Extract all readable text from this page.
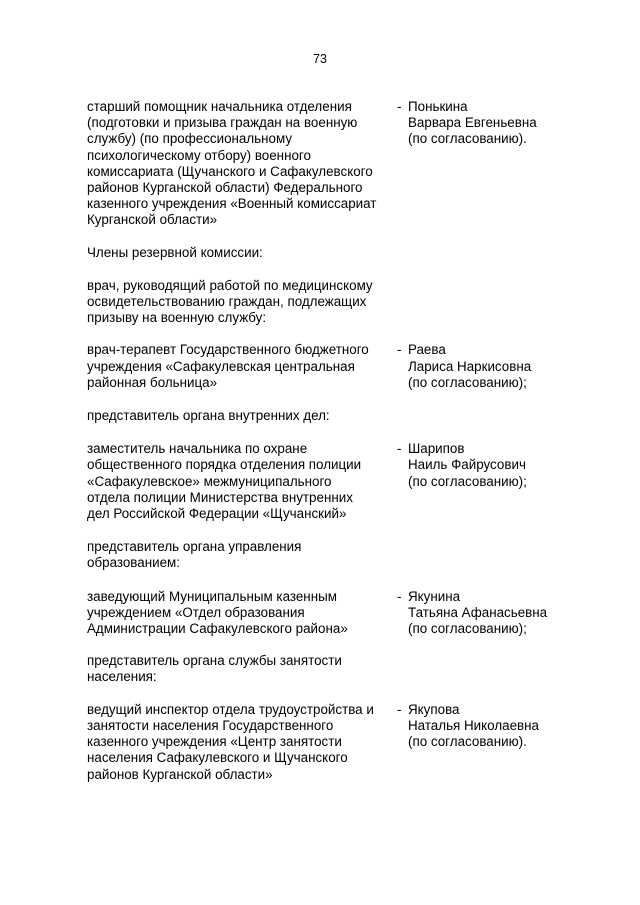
73
старший помощник начальника отделения
(подготовки и призыва граждан на военную
службу) (по профессиональному
психологическому отбору) военного
комиссариата (Щучанского и Сафакулевского
районов Курганской области) Федерального
казенного учреждения «Военный комиссариат
Курганской области»
- Понькина
Варвара Евгеньевна
(по согласованию).
Члены резервной комиссии:
врач, руководящий работой по медицинскому
освидетельствованию граждан, подлежащих
призыву на военную службу:
врач-терапевт Государственного бюджетного
учреждения «Сафакулевская центральная
районная больница»
- Раева
Лариса Наркисовна
(по согласованию);
представитель органа внутренних дел:
заместитель начальника по охране
общественного порядка отделения полиции
«Сафакулевское» межмуниципального
отдела полиции Министерства внутренних
дел Российской Федерации «Щучанский»
- Шарипов
Наиль Файрусович
(по согласованию);
представитель органа управления
образованием:
заведующий Муниципальным казенным
учреждением «Отдел образования
Администрации Сафакулевского района»
- Якунина
Татьяна Афанасьевна
(по согласованию);
представитель органа службы занятости
населения:
ведущий инспектор отдела трудоустройства и
занятости населения Государственного
казенного учреждения «Центр занятости
населения Сафакулевского и Щучанского
районов Курганской области»
- Якупова
Наталья Николаевна
(по согласованию).
